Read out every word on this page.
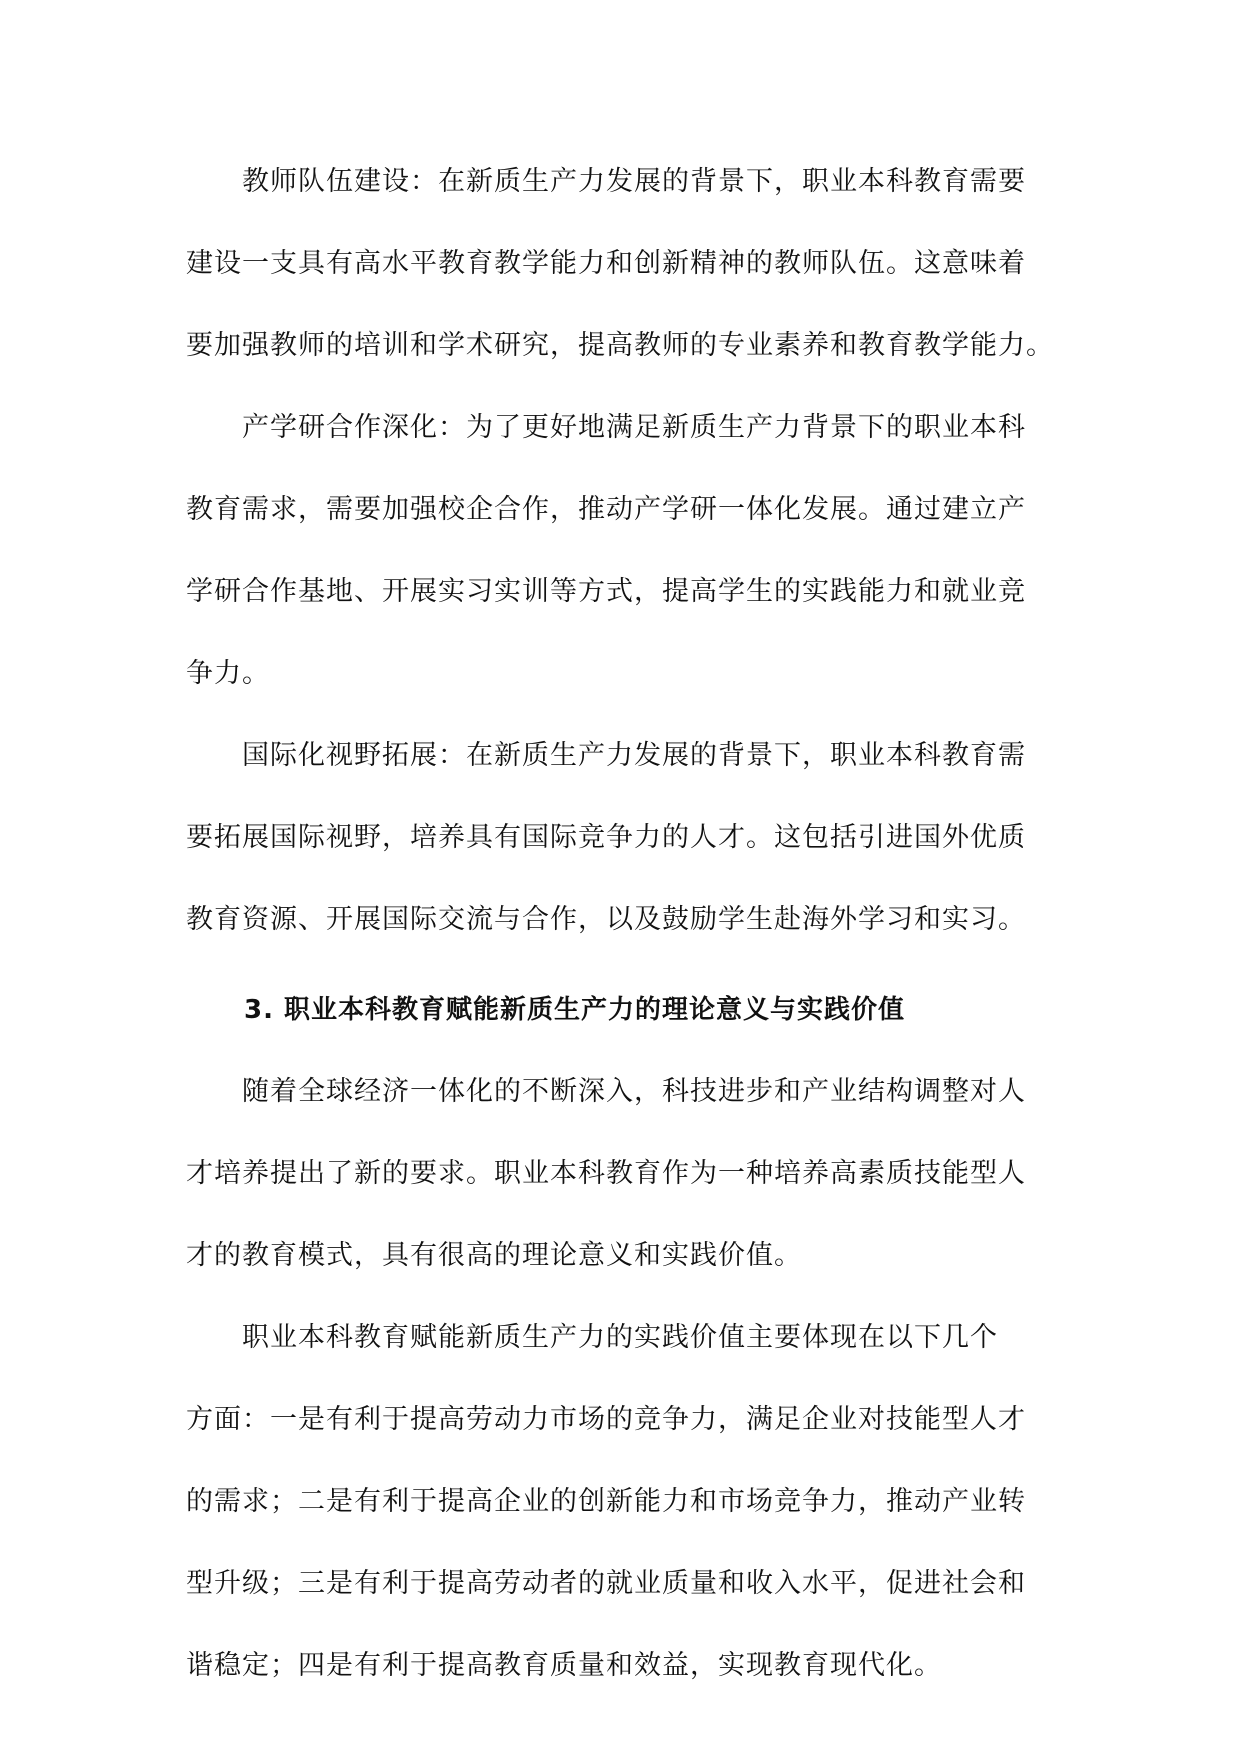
　　教师队伍建设：在新质生产力发展的背景下，职业本科教育需要
建设一支具有高水平教育教学能力和创新精神的教师队伍。这意味着
要加强教师的培训和学术研究，提高教师的专业素养和教育教学能力。

　　产学研合作深化：为了更好地满足新质生产力背景下的职业本科
教育需求，需要加强校企合作，推动产学研一体化发展。通过建立产
学研合作基地、开展实习实训等方式，提高学生的实践能力和就业竞
争力。

　　国际化视野拓展：在新质生产力发展的背景下，职业本科教育需
要拓展国际视野，培养具有国际竞争力的人才。这包括引进国外优质
教育资源、开展国际交流与合作，以及鼓励学生赴海外学习和实习。

3. 职业本科教育赋能新质生产力的理论意义与实践价值

　　随着全球经济一体化的不断深入，科技进步和产业结构调整对人
才培养提出了新的要求。职业本科教育作为一种培养高素质技能型人
才的教育模式，具有很高的理论意义和实践价值。

　　职业本科教育赋能新质生产力的实践价值主要体现在以下几个
方面：一是有利于提高劳动力市场的竞争力，满足企业对技能型人才
的需求；二是有利于提高企业的创新能力和市场竞争力，推动产业转
型升级；三是有利于提高劳动者的就业质量和收入水平，促进社会和
谐稳定；四是有利于提高教育质量和效益，实现教育现代化。
